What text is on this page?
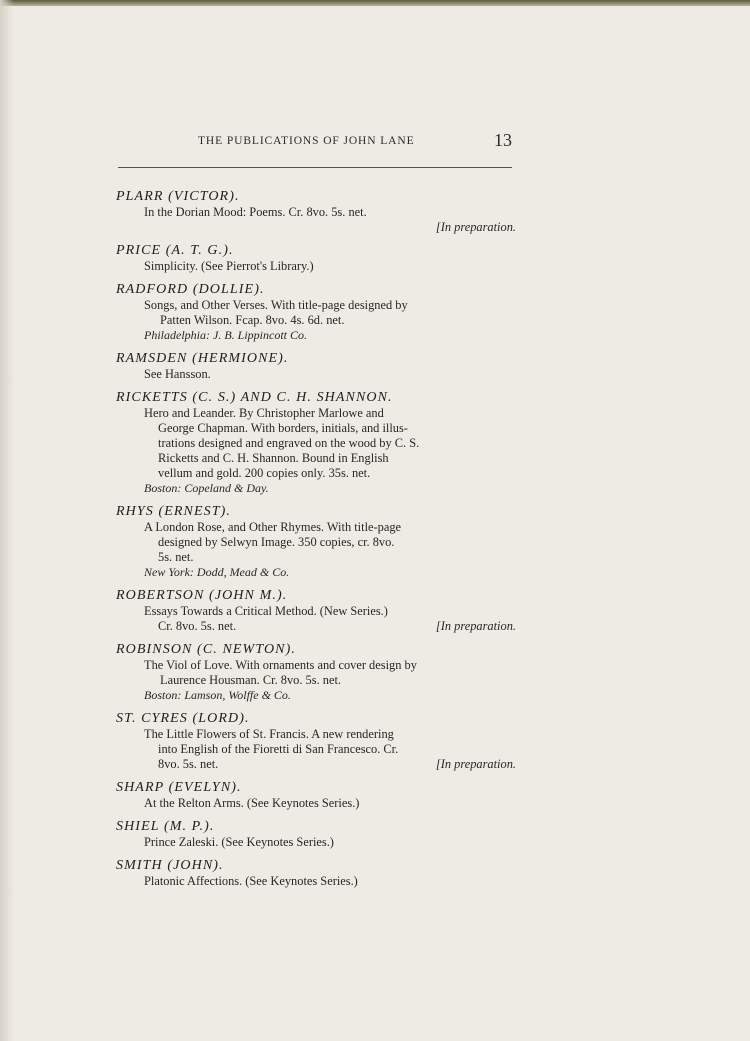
THE PUBLICATIONS OF JOHN LANE	13
PLARR (VICTOR).
In the Dorian Mood: Poems. Cr. 8vo. 5s. net.
[In preparation.
PRICE (A. T. G.).
Simplicity. (See Pierrot's Library.)
RADFORD (DOLLIE).
Songs, and Other Verses. With title-page designed by
Patten Wilson. Fcap. 8vo. 4s. 6d. net.
Philadelphia: J. B. Lippincott Co.
RAMSDEN (HERMIONE).
See Hansson.
RICKETTS (C. S.) AND C. H. SHANNON.
Hero and Leander. By Christopher Marlowe and
George Chapman. With borders, initials, and illus-
trations designed and engraved on the wood by C. S.
Ricketts and C. H. Shannon. Bound in English
vellum and gold. 200 copies only. 35s. net.
Boston: Copeland & Day.
RHYS (ERNEST).
A London Rose, and Other Rhymes. With title-page
designed by Selwyn Image. 350 copies, cr. 8vo.
5s. net.
New York: Dodd, Mead & Co.
ROBERTSON (JOHN M.).
Essays Towards a Critical Method. (New Series.)
[In preparation.
Cr. 8vo. 5s. net.
ROBINSON (C. NEWTON).
The Viol of Love. With ornaments and cover design by
Laurence Housman. Cr. 8vo. 5s. net.
Boston: Lamson, Wolffe & Co.
ST. CYRES (LORD).
The Little Flowers of St. Francis. A new rendering
into English of the Fioretti di San Francesco. Cr.
[In preparation.
8vo. 5s. net.
SHARP (EVELYN).
At the Relton Arms. (See Keynotes Series.)
SHIEL (M. P.).
Prince Zaleski. (See Keynotes Series.)
SMITH (JOHN).
Platonic Affections. (See Keynotes Series.)
